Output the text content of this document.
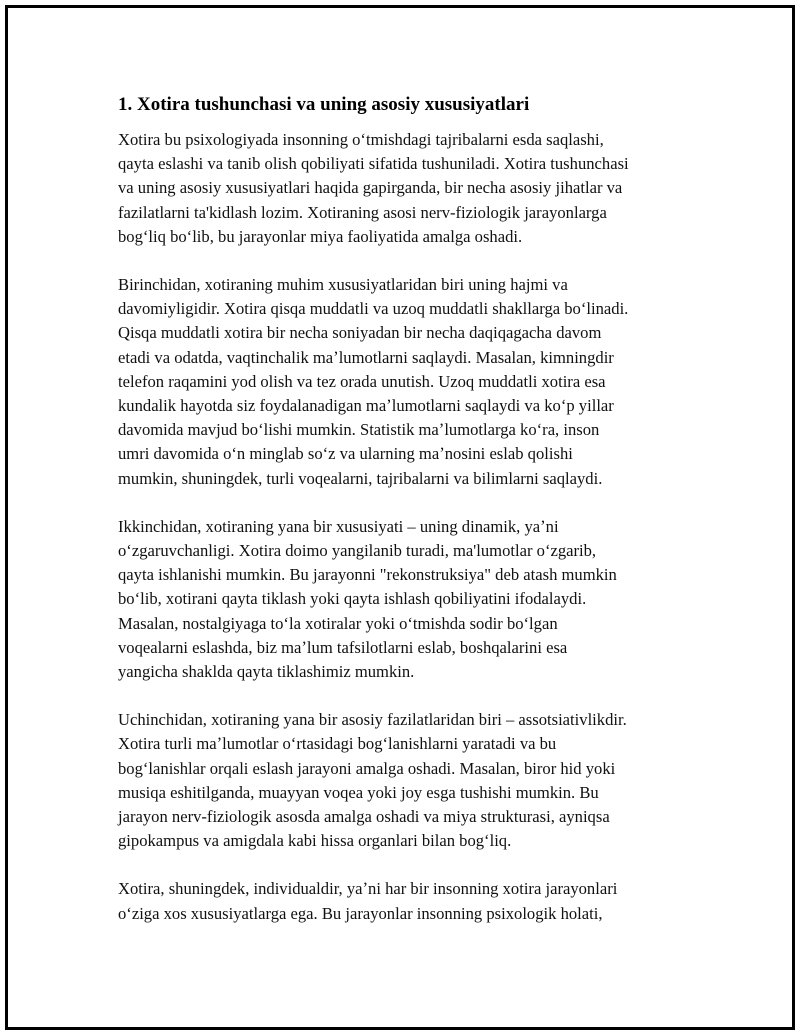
1. Xotira tushunchasi va uning asosiy xususiyatlari

Xotira bu psixologiyada insonning oʻtmishdagi tajribalarni esda saqlashi,
qayta eslashi va tanib olish qobiliyati sifatida tushuniladi. Xotira tushunchasi
va uning asosiy xususiyatlari haqida gapirganda, bir necha asosiy jihatlar va
fazilatlarni ta'kidlash lozim. Xotiraning asosi nerv-fiziologik jarayonlarga
bogʻliq boʻlib, bu jarayonlar miya faoliyatida amalga oshadi.

Birinchidan, xotiraning muhim xususiyatlaridan biri uning hajmi va
davomiyligidir. Xotira qisqa muddatli va uzoq muddatli shakllarga boʻlinadi.
Qisqa muddatli xotira bir necha soniyadan bir necha daqiqagacha davom
etadi va odatda, vaqtinchalik maʼlumotlarni saqlaydi. Masalan, kimningdir
telefon raqamini yod olish va tez orada unutish. Uzoq muddatli xotira esa
kundalik hayotda siz foydalanadigan maʼlumotlarni saqlaydi va koʻp yillar
davomida mavjud boʻlishi mumkin. Statistik maʼlumotlarga koʻra, inson
umri davomida oʻn minglab soʻz va ularning maʼnosini eslab qolishi
mumkin, shuningdek, turli voqealarni, tajribalarni va bilimlarni saqlaydi.

Ikkinchidan, xotiraning yana bir xususiyati – uning dinamik, yaʼni
oʻzgaruvchanligi. Xotira doimo yangilanib turadi, ma'lumotlar oʻzgarib,
qayta ishlanishi mumkin. Bu jarayonni "rekonstruksiya" deb atash mumkin
boʻlib, xotirani qayta tiklash yoki qayta ishlash qobiliyatini ifodalaydi.
Masalan, nostalgiyaga toʻla xotiralar yoki oʻtmishda sodir boʻlgan
voqealarni eslashda, biz maʼlum tafsilotlarni eslab, boshqalarini esa
yangicha shaklda qayta tiklashimiz mumkin.

Uchinchidan, xotiraning yana bir asosiy fazilatlaridan biri – assotsiativlikdir.
Xotira turli maʼlumotlar oʻrtasidagi bogʻlanishlarni yaratadi va bu
bogʻlanishlar orqali eslash jarayoni amalga oshadi. Masalan, biror hid yoki
musiqa eshitilganda, muayyan voqea yoki joy esga tushishi mumkin. Bu
jarayon nerv-fiziologik asosda amalga oshadi va miya strukturasi, ayniqsa
gipokampus va amigdala kabi hissa organlari bilan bogʻliq.

Xotira, shuningdek, individualdir, yaʼni har bir insonning xotira jarayonlari
oʻziga xos xususiyatlarga ega. Bu jarayonlar insonning psixologik holati,
